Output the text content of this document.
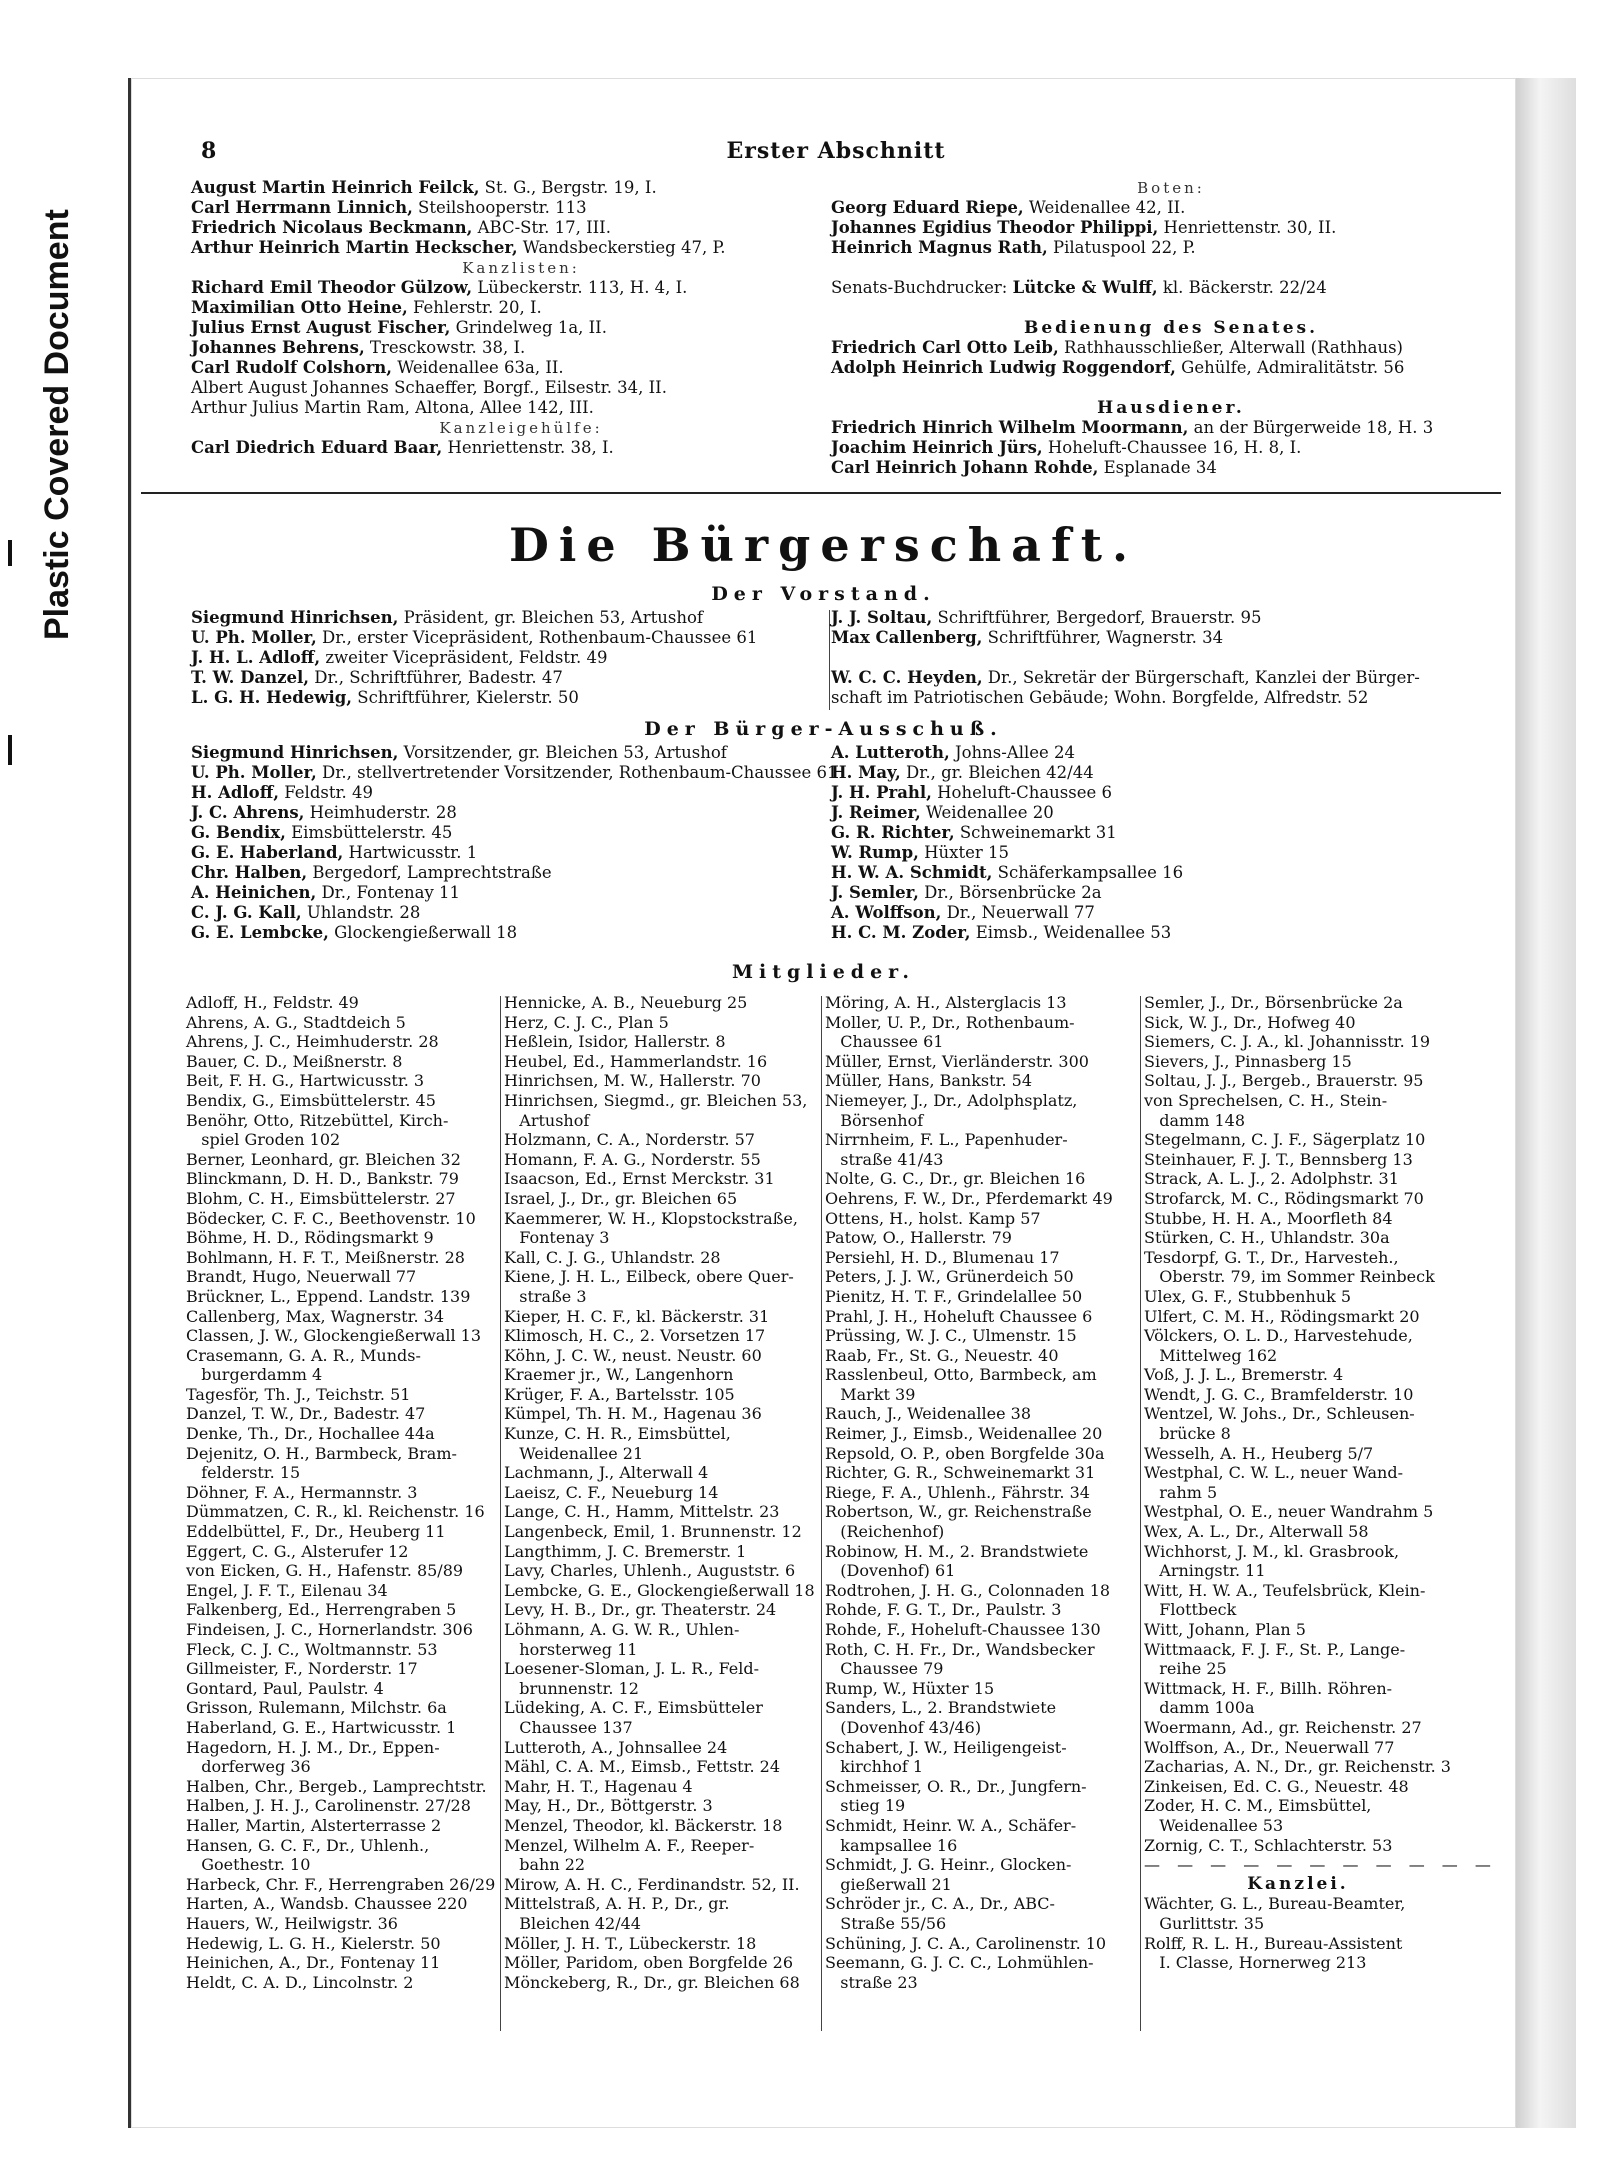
Plastic Covered Document
8	Erster Abschnitt
August Martin Heinrich Feilck, St. G., Bergstr. 19, I.
Carl Herrmann Linnich, Steilshooperstr. 113
Friedrich Nicolaus Beckmann, ABC-Str. 17, III.
Arthur Heinrich Martin Heckscher, Wandsbeckerstieg 47, P.
Kanzlisten:
Richard Emil Theodor Gülzow, Lübeckerstr. 113, H. 4, I.
Maximilian Otto Heine, Fehlerstr. 20, I.
Julius Ernst August Fischer, Grindelweg 1a, II.
Johannes Behrens, Tresckowstr. 38, I.
Carl Rudolf Colshorn, Weidenallee 63a, II.
Albert August Johannes Schaeffer, Borgf., Eilsestr. 34, II.
Arthur Julius Martin Ram, Altona, Allee 142, III.
Kanzleigehülfe:
Carl Diedrich Eduard Baar, Henriettenstr. 38, I.
Boten:
Georg Eduard Riepe, Weidenallee 42, II.
Johannes Egidius Theodor Philippi, Henriettenstr. 30, II.
Heinrich Magnus Rath, Pilatuspool 22, P.

Senats-Buchdrucker: Lütcke & Wulff, kl. Bäckerstr. 22/24

Bedienung des Senates.
Friedrich Carl Otto Leib, Rathhausschließer, Alterwall (Rathhaus)
Adolph Heinrich Ludwig Roggendorf, Gehülfe, Admiralitätstr. 56

Hausdiener.
Friedrich Hinrich Wilhelm Moormann, an der Bürgerweide 18, H. 3
Joachim Heinrich Jürs, Hoheluft-Chaussee 16, H. 8, I.
Carl Heinrich Johann Rohde, Esplanade 34
Die Bürgerschaft.
Der Vorstand.
Siegmund Hinrichsen, Präsident, gr. Bleichen 53, Artushof
U. Ph. Moller, Dr., erster Vicepräsident, Rothenbaum-Chaussee 61
J. H. L. Adloff, zweiter Vicepräsident, Feldstr. 49
T. W. Danzel, Dr., Schriftführer, Badestr. 47
L. G. H. Hedewig, Schriftführer, Kielerstr. 50
J. J. Soltau, Schriftführer, Bergedorf, Brauerstr. 95
Max Callenberg, Schriftführer, Wagnerstr. 34

W. C. C. Heyden, Dr., Sekretär der Bürgerschaft, Kanzlei der Bürger-
schaft im Patriotischen Gebäude; Wohn. Borgfelde, Alfredstr. 52
Der Bürger-Ausschuß.
Siegmund Hinrichsen, Vorsitzender, gr. Bleichen 53, Artushof
U. Ph. Moller, Dr., stellvertretender Vorsitzender, Rothenbaum-Chaussee 61
H. Adloff, Feldstr. 49
J. C. Ahrens, Heimhuderstr. 28
G. Bendix, Eimsbüttelerstr. 45
G. E. Haberland, Hartwicusstr. 1
Chr. Halben, Bergedorf, Lamprechtstraße
A. Heinichen, Dr., Fontenay 11
C. J. G. Kall, Uhlandstr. 28
G. E. Lembcke, Glockengießerwall 18
A. Lutteroth, Johns-Allee 24
H. May, Dr., gr. Bleichen 42/44
J. H. Prahl, Hoheluft-Chaussee 6
J. Reimer, Weidenallee 20
G. R. Richter, Schweinemarkt 31
W. Rump, Hüxter 15
H. W. A. Schmidt, Schäferkampsallee 16
J. Semler, Dr., Börsenbrücke 2a
A. Wolffson, Dr., Neuerwall 77
H. C. M. Zoder, Eimsb., Weidenallee 53
Mitglieder.
Adloff, H., Feldstr. 49
Ahrens, A. G., Stadtdeich 5
Ahrens, J. C., Heimhuderstr. 28
Bauer, C. D., Meißnerstr. 8
Beit, F. H. G., Hartwicusstr. 3
Bendix, G., Eimsbüttelerstr. 45
Benöhr, Otto, Ritzebüttel, Kirch-
spiel Groden 102
Berner, Leonhard, gr. Bleichen 32
Blinckmann, D. H. D., Bankstr. 79
Blohm, C. H., Eimsbüttelerstr. 27
Bödecker, C. F. C., Beethovenstr. 10
Böhme, H. D., Rödingsmarkt 9
Bohlmann, H. F. T., Meißnerstr. 28
Brandt, Hugo, Neuerwall 77
Brückner, L., Eppend. Landstr. 139
Callenberg, Max, Wagnerstr. 34
Classen, J. W., Glockengießerwall 13
Crasemann, G. A. R., Munds-
burgerdamm 4
Tagesför, Th. J., Teichstr. 51
Danzel, T. W., Dr., Badestr. 47
Denke, Th., Dr., Hochallee 44a
Dejenitz, O. H., Barmbeck, Bram-
felderstr. 15
Döhner, F. A., Hermannstr. 3
Dümmatzen, C. R., kl. Reichenstr. 16
Eddelbüttel, F., Dr., Heuberg 11
Eggert, C. G., Alsterufer 12
von Eicken, G. H., Hafenstr. 85/89
Engel, J. F. T., Eilenau 34
Falkenberg, Ed., Herrengraben 5
Findeisen, J. C., Hornerlandstr. 306
Fleck, C. J. C., Woltmannstr. 53
Gillmeister, F., Norderstr. 17
Gontard, Paul, Paulstr. 4
Grisson, Rulemann, Milchstr. 6a
Haberland, G. E., Hartwicusstr. 1
Hagedorn, H. J. M., Dr., Eppen-
dorferweg 36
Halben, Chr., Bergeb., Lamprechtstr.
Halben, J. H. J., Carolinenstr. 27/28
Haller, Martin, Alsterterrasse 2
Hansen, G. C. F., Dr., Uhlenh.,
Goethestr. 10
Harbeck, Chr. F., Herrengraben 26/29
Harten, A., Wandsb. Chaussee 220
Hauers, W., Heilwigstr. 36
Hedewig, L. G. H., Kielerstr. 50
Heinichen, A., Dr., Fontenay 11
Heldt, C. A. D., Lincolnstr. 2
Hennicke, A. B., Neueburg 25
Herz, C. J. C., Plan 5
Heßlein, Isidor, Hallerstr. 8
Heubel, Ed., Hammerlandstr. 16
Hinrichsen, M. W., Hallerstr. 70
Hinrichsen, Siegmd., gr. Bleichen 53,
Artushof
Holzmann, C. A., Norderstr. 57
Homann, F. A. G., Norderstr. 55
Isaacson, Ed., Ernst Merckstr. 31
Israel, J., Dr., gr. Bleichen 65
Kaemmerer, W. H., Klopstockstraße,
Fontenay 3
Kall, C. J. G., Uhlandstr. 28
Kiene, J. H. L., Eilbeck, obere Quer-
straße 3
Kieper, H. C. F., kl. Bäckerstr. 31
Klimosch, H. C., 2. Vorsetzen 17
Köhn, J. C. W., neust. Neustr. 60
Kraemer jr., W., Langenhorn
Krüger, F. A., Bartelsstr. 105
Kümpel, Th. H. M., Hagenau 36
Kunze, C. H. R., Eimsbüttel,
Weidenallee 21
Lachmann, J., Alterwall 4
Laeisz, C. F., Neueburg 14
Lange, C. H., Hamm, Mittelstr. 23
Langenbeck, Emil, 1. Brunnenstr. 12
Langthimm, J. C. Bremerstr. 1
Lavy, Charles, Uhlenh., Auguststr. 6
Lembcke, G. E., Glockengießerwall 18
Levy, H. B., Dr., gr. Theaterstr. 24
Löhmann, A. G. W. R., Uhlen-
horsterweg 11
Loesener-Sloman, J. L. R., Feld-
brunnenstr. 12
Lüdeking, A. C. F., Eimsbütteler
Chaussee 137
Lutteroth, A., Johnsallee 24
Mähl, C. A. M., Eimsb., Fettstr. 24
Mahr, H. T., Hagenau 4
May, H., Dr., Böttgerstr. 3
Menzel, Theodor, kl. Bäckerstr. 18
Menzel, Wilhelm A. F., Reeper-
bahn 22
Mirow, A. H. C., Ferdinandstr. 52, II.
Mittelstraß, A. H. P., Dr., gr.
Bleichen 42/44
Möller, J. H. T., Lübeckerstr. 18
Möller, Paridom, oben Borgfelde 26
Mönckeberg, R., Dr., gr. Bleichen 68
Möring, A. H., Alsterglacis 13
Moller, U. P., Dr., Rothenbaum-
Chaussee 61
Müller, Ernst, Vierländerstr. 300
Müller, Hans, Bankstr. 54
Niemeyer, J., Dr., Adolphsplatz,
Börsenhof
Nirrnheim, F. L., Papenhuder-
straße 41/43
Nolte, G. C., Dr., gr. Bleichen 16
Oehrens, F. W., Dr., Pferdemarkt 49
Ottens, H., holst. Kamp 57
Patow, O., Hallerstr. 79
Persiehl, H. D., Blumenau 17
Peters, J. J. W., Grünerdeich 50
Pienitz, H. T. F., Grindelallee 50
Prahl, J. H., Hoheluft Chaussee 6
Prüssing, W. J. C., Ulmenstr. 15
Raab, Fr., St. G., Neuestr. 40
Rasslenbeul, Otto, Barmbeck, am
Markt 39
Rauch, J., Weidenallee 38
Reimer, J., Eimsb., Weidenallee 20
Repsold, O. P., oben Borgfelde 30a
Richter, G. R., Schweinemarkt 31
Riege, F. A., Uhlenh., Fährstr. 34
Robertson, W., gr. Reichenstraße
(Reichenhof)
Robinow, H. M., 2. Brandstwiete
(Dovenhof) 61
Rodtrohen, J. H. G., Colonnaden 18
Rohde, F. G. T., Dr., Paulstr. 3
Rohde, F., Hoheluft-Chaussee 130
Roth, C. H. Fr., Dr., Wandsbecker
Chaussee 79
Rump, W., Hüxter 15
Sanders, L., 2. Brandstwiete
(Dovenhof 43/46)
Schabert, J. W., Heiligengeist-
kirchhof 1
Schmeisser, O. R., Dr., Jungfern-
stieg 19
Schmidt, Heinr. W. A., Schäfer-
kampsallee 16
Schmidt, J. G. Heinr., Glocken-
gießerwall 21
Schröder jr., C. A., Dr., ABC-
Straße 55/56
Schüning, J. C. A., Carolinenstr. 10
Seemann, G. J. C. C., Lohmühlen-
straße 23
Semler, J., Dr., Börsenbrücke 2a
Sick, W. J., Dr., Hofweg 40
Siemers, C. J. A., kl. Johannisstr. 19
Sievers, J., Pinnasberg 15
Soltau, J. J., Bergeb., Brauerstr. 95
von Sprechelsen, C. H., Stein-
damm 148
Stegelmann, C. J. F., Sägerplatz 10
Steinhauer, F. J. T., Bennsberg 13
Strack, A. L. J., 2. Adolphstr. 31
Strofarck, M. C., Rödingsmarkt 70
Stubbe, H. H. A., Moorfleth 84
Stürken, C. H., Uhlandstr. 30a
Tesdorpf, G. T., Dr., Harvesteh.,
Oberstr. 79, im Sommer Reinbeck
Ulex, G. F., Stubbenhuk 5
Ulfert, C. M. H., Rödingsmarkt 20
Völckers, O. L. D., Harvestehude,
Mittelweg 162
Voß, J. J. L., Bremerstr. 4
Wendt, J. G. C., Bramfelderstr. 10
Wentzel, W. Johs., Dr., Schleusen-
brücke 8
Wesselh, A. H., Heuberg 5/7
Westphal, C. W. L., neuer Wand-
rahm 5
Westphal, O. E., neuer Wandrahm 5
Wex, A. L., Dr., Alterwall 58
Wichhorst, J. M., kl. Grasbrook,
Arningstr. 11
Witt, H. W. A., Teufelsbrück, Klein-
Flottbeck
Witt, Johann, Plan 5
Wittmaack, F. J. F., St. P., Lange-
reihe 25
Wittmack, H. F., Billh. Röhren-
damm 100a
Woermann, Ad., gr. Reichenstr. 27
Wolffson, A., Dr., Neuerwall 77
Zacharias, A. N., Dr., gr. Reichenstr. 3
Zinkeisen, Ed. C. G., Neuestr. 48
Zoder, H. C. M., Eimsbüttel,
Weidenallee 53
Zornig, C. T., Schlachterstr. 53
— — — — — — — — — — —
Kanzlei.
Wächter, G. L., Bureau-Beamter,
Gurlittstr. 35
Rolff, R. L. H., Bureau-Assistent
I. Classe, Hornerweg 213
